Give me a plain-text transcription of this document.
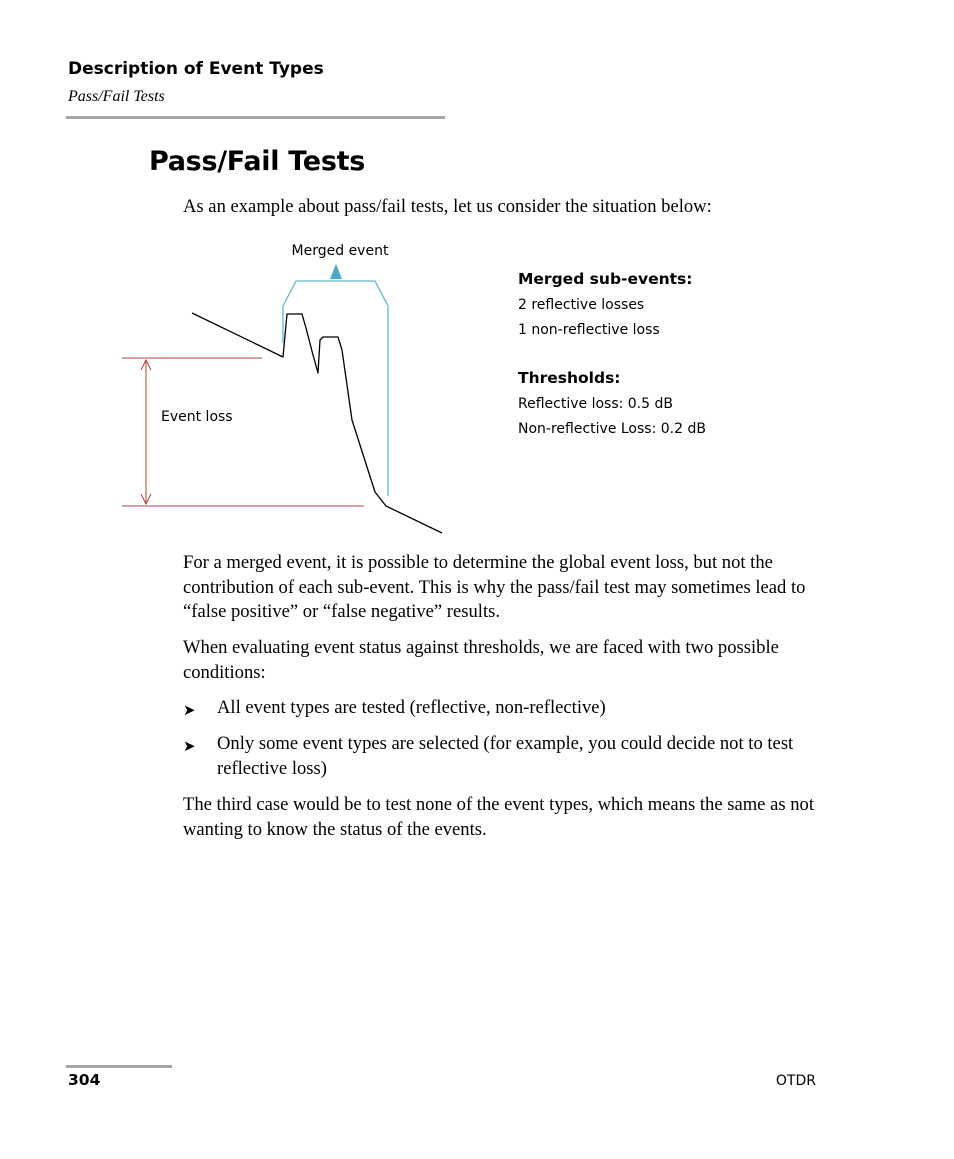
Description of Event Types
Pass/Fail Tests
Pass/Fail Tests

As an example about pass/fail tests, let us consider the situation below:

Merged event
Event loss
Merged sub-events:
2 reflective losses
1 non-reflective loss
Thresholds:
Reflective loss: 0.5 dB
Non-reflective Loss: 0.2 dB

For a merged event, it is possible to determine the global event loss, but not the contribution of each sub-event. This is why the pass/fail test may sometimes lead to “false positive” or “false negative” results.

When evaluating event status against thresholds, we are faced with two possible conditions:

➤	All event types are tested (reflective, non-reflective)
➤	Only some event types are selected (for example, you could decide not to test reflective loss)

The third case would be to test none of the event types, which means the same as not wanting to know the status of the events.

304	OTDR
